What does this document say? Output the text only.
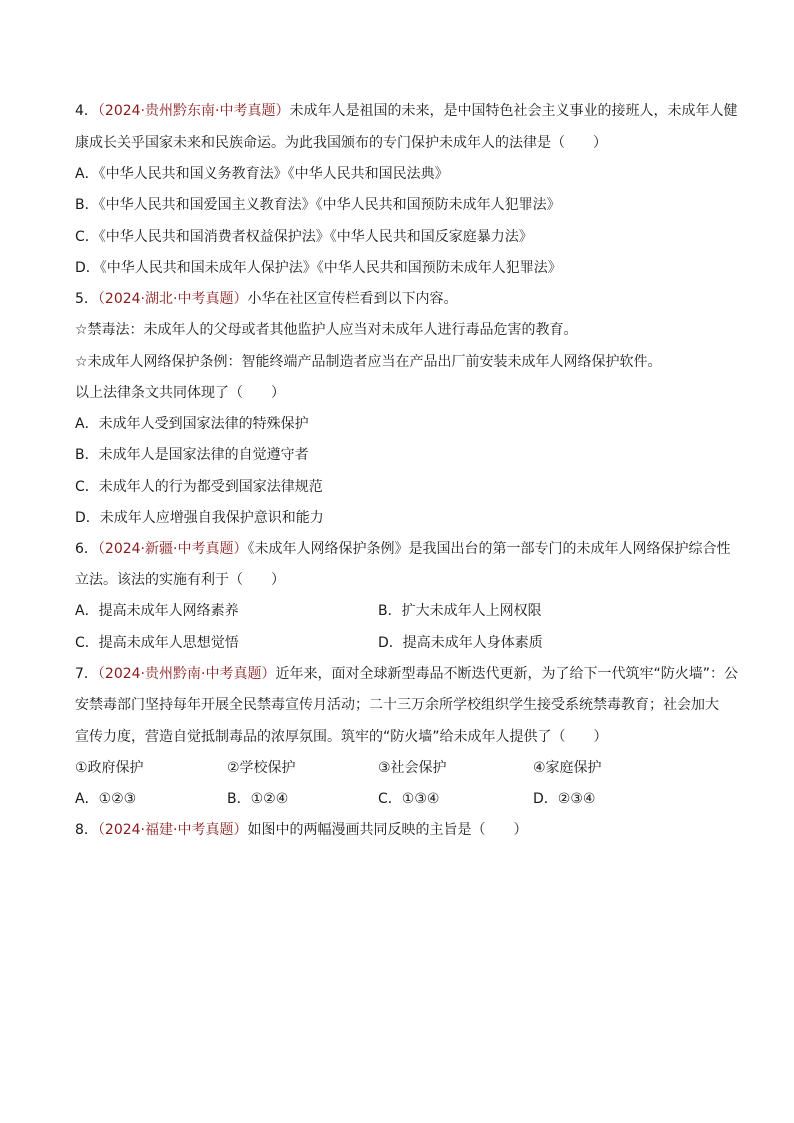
4．（2024·贵州黔东南·中考真题）未成年人是祖国的未来，是中国特色社会主义事业的接班人，未成年人健
康成长关乎国家未来和民族命运。为此我国颁布的专门保护未成年人的法律是（　　）
A．《中华人民共和国义务教育法》《中华人民共和国民法典》
B．《中华人民共和国爱国主义教育法》《中华人民共和国预防未成年人犯罪法》
C．《中华人民共和国消费者权益保护法》《中华人民共和国反家庭暴力法》
D．《中华人民共和国未成年人保护法》《中华人民共和国预防未成年人犯罪法》
5．（2024·湖北·中考真题）小华在社区宣传栏看到以下内容。
☆禁毒法：未成年人的父母或者其他监护人应当对未成年人进行毒品危害的教育。
☆未成年人网络保护条例：智能终端产品制造者应当在产品出厂前安装未成年人网络保护软件。
以上法律条文共同体现了（　　）
A．未成年人受到国家法律的特殊保护
B．未成年人是国家法律的自觉遵守者
C．未成年人的行为都受到国家法律规范
D．未成年人应增强自我保护意识和能力
6．（2024·新疆·中考真题）《未成年人网络保护条例》是我国出台的第一部专门的未成年人网络保护综合性
立法。该法的实施有利于（　　）
A．提高未成年人网络素养	B．扩大未成年人上网权限
C．提高未成年人思想觉悟	D．提高未成年人身体素质
7．（2024·贵州黔南·中考真题）近年来，面对全球新型毒品不断迭代更新，为了给下一代筑牢“防火墙”：公
安禁毒部门坚持每年开展全民禁毒宣传月活动；二十三万余所学校组织学生接受系统禁毒教育；社会加大
宣传力度，营造自觉抵制毒品的浓厚氛围。筑牢的“防火墙”给未成年人提供了（　　）
①政府保护	②学校保护	③社会保护	④家庭保护
A．①②③	B．①②④	C．①③④	D．②③④
8．（2024·福建·中考真题）如图中的两幅漫画共同反映的主旨是（　　）
